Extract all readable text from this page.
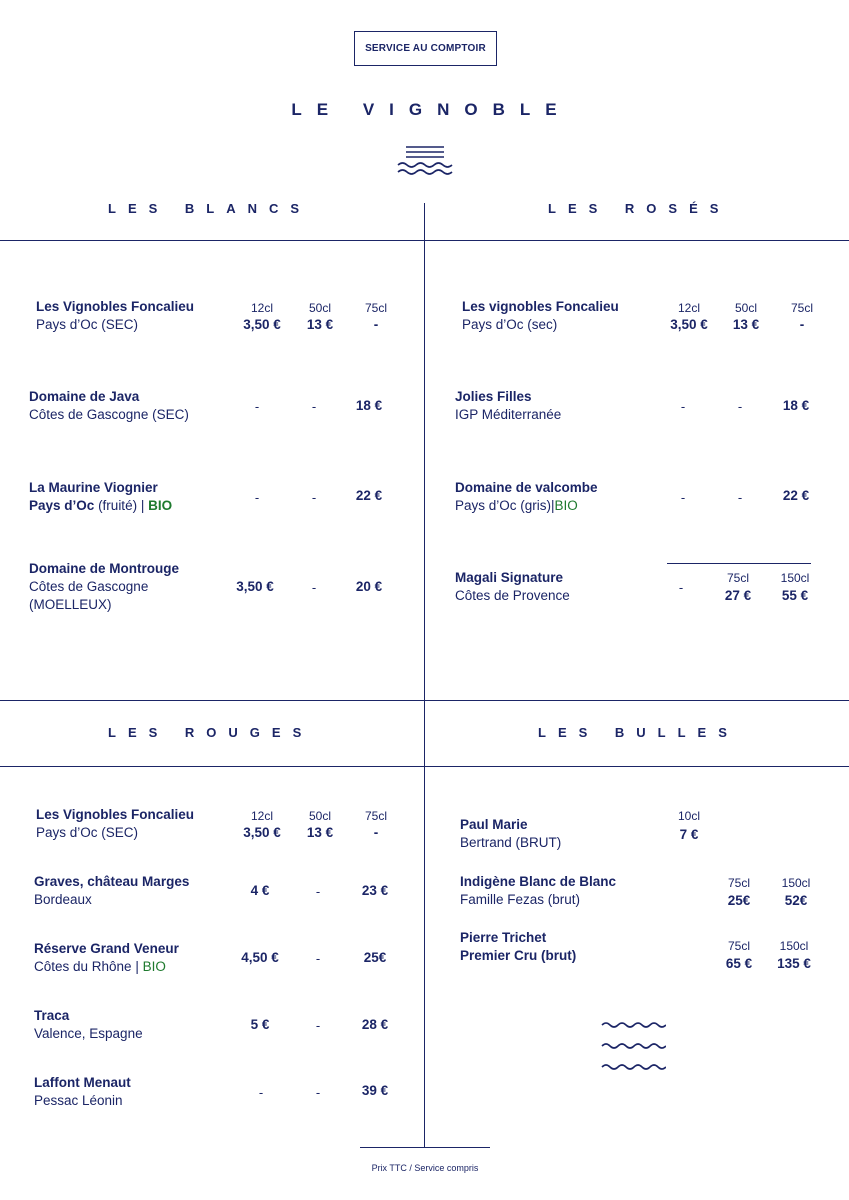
SERVICE AU COMPTOIR
LE VIGNOBLE
LES BLANCS	LES ROSÉS
LES ROUGES	LES BULLES
Les Vignobles Foncalieu
Pays d’Oc (SEC)
12cl	50cl	75cl
3,50 €	13 €	-
Domaine de Java
Côtes de Gascogne (SEC)
-	-	18 €
La Maurine Viognier
Pays d’Oc (fruité) | BIO
-	-	22 €
Domaine de Montrouge
Côtes de Gascogne
(MOELLEUX)
3,50 €	-	20 €
Les vignobles Foncalieu
Pays d’Oc (sec)
12cl	50cl	75cl
3,50 €	13 €	-
Jolies Filles
IGP Méditerranée
-	-	18 €
Domaine de valcombe
Pays d’Oc (gris)|BIO
-	-	22 €
Magali Signature
Côtes de Provence
-
75cl	150cl
27 €	55 €
Les Vignobles Foncalieu
Pays d’Oc (SEC)
12cl	50cl	75cl
3,50 €	13 €	-
Graves, château Marges
Bordeaux
4 €	-	23 €
Réserve Grand Veneur
Côtes du Rhône | BIO
4,50 €	-	25€
Traca
Valence, Espagne
5 €	-	28 €
Laffont Menaut
Pessac Léonin
-	-	39 €
Paul Marie
Bertrand (BRUT)
10cl
7 €
Indigène Blanc de Blanc
Famille Fezas (brut)
75cl	150cl
25€	52€
Pierre Trichet
Premier Cru (brut)
75cl	150cl
65 €	135 €
Prix TTC / Service compris
